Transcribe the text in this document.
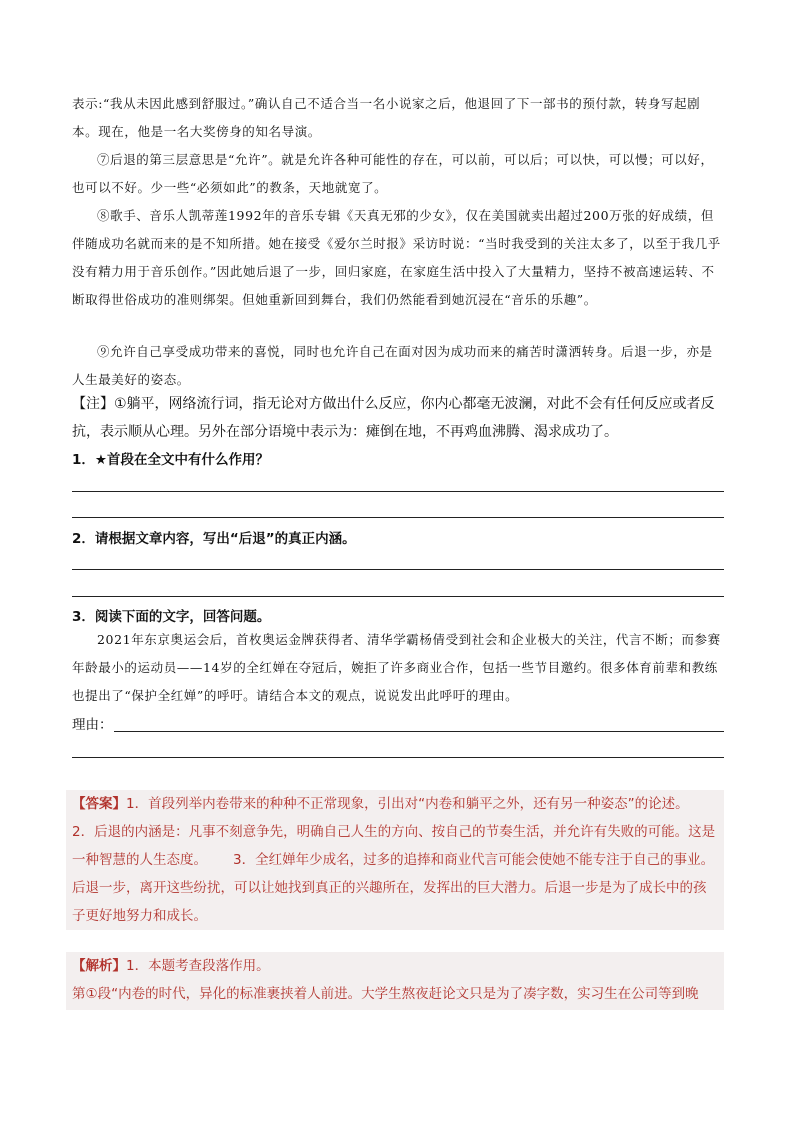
表示:“我从未因此感到舒服过。”确认自己不适合当一名小说家之后，他退回了下一部书的预付款，转身写起剧本。现在，他是一名大奖傍身的知名导演。

⑦后退的第三层意思是“允许”。就是允许各种可能性的存在，可以前，可以后；可以快，可以慢；可以好，也可以不好。少一些“必须如此”的教条，天地就宽了。

⑧歌手、音乐人凯蒂莲1992年的音乐专辑《天真无邪的少女》，仅在美国就卖出超过200万张的好成绩，但伴随成功名就而来的是不知所措。她在接受《爱尔兰时报》采访时说：“当时我受到的关注太多了，以至于我几乎没有精力用于音乐创作。”因此她后退了一步，回归家庭，在家庭生活中投入了大量精力，坚持不被高速运转、不断取得世俗成功的准则绑架。但她重新回到舞台，我们仍然能看到她沉浸在“音乐的乐趣”。

⑨允许自己享受成功带来的喜悦，同时也允许自己在面对因为成功而来的痛苦时潇洒转身。后退一步，亦是人生最美好的姿态。

【注】①躺平，网络流行词，指无论对方做出什么反应，你内心都毫无波澜，对此不会有任何反应或者反抗，表示顺从心理。另外在部分语境中表示为：瘫倒在地，不再鸡血沸腾、渴求成功了。

1．★首段在全文中有什么作用？

2．请根据文章内容，写出“后退”的真正内涵。

3．阅读下面的文字，回答问题。

2021年东京奥运会后，首枚奥运金牌获得者、清华学霸杨倩受到社会和企业极大的关注，代言不断；而参赛年龄最小的运动员——14岁的全红婵在夺冠后，婉拒了许多商业合作，包括一些节目邀约。很多体育前辈和教练也提出了“保护全红婵”的呼吁。请结合本文的观点，说说发出此呼吁的理由。

理由：

【答案】1．首段列举内卷带来的种种不正常现象，引出对“内卷和躺平之外，还有另一种姿态”的论述。

2．后退的内涵是：凡事不刻意争先，明确自己人生的方向、按自己的节奏生活，并允许有失败的可能。这是一种智慧的人生态度。 3．全红婵年少成名，过多的追捧和商业代言可能会使她不能专注于自己的事业。后退一步，离开这些纷扰，可以让她找到真正的兴趣所在，发挥出的巨大潜力。后退一步是为了成长中的孩子更好地努力和成长。

【解析】1．本题考查段落作用。

第①段“内卷的时代，异化的标准裹挟着人前进。大学生熬夜赶论文只是为了凑字数，实习生在公司等到晚
